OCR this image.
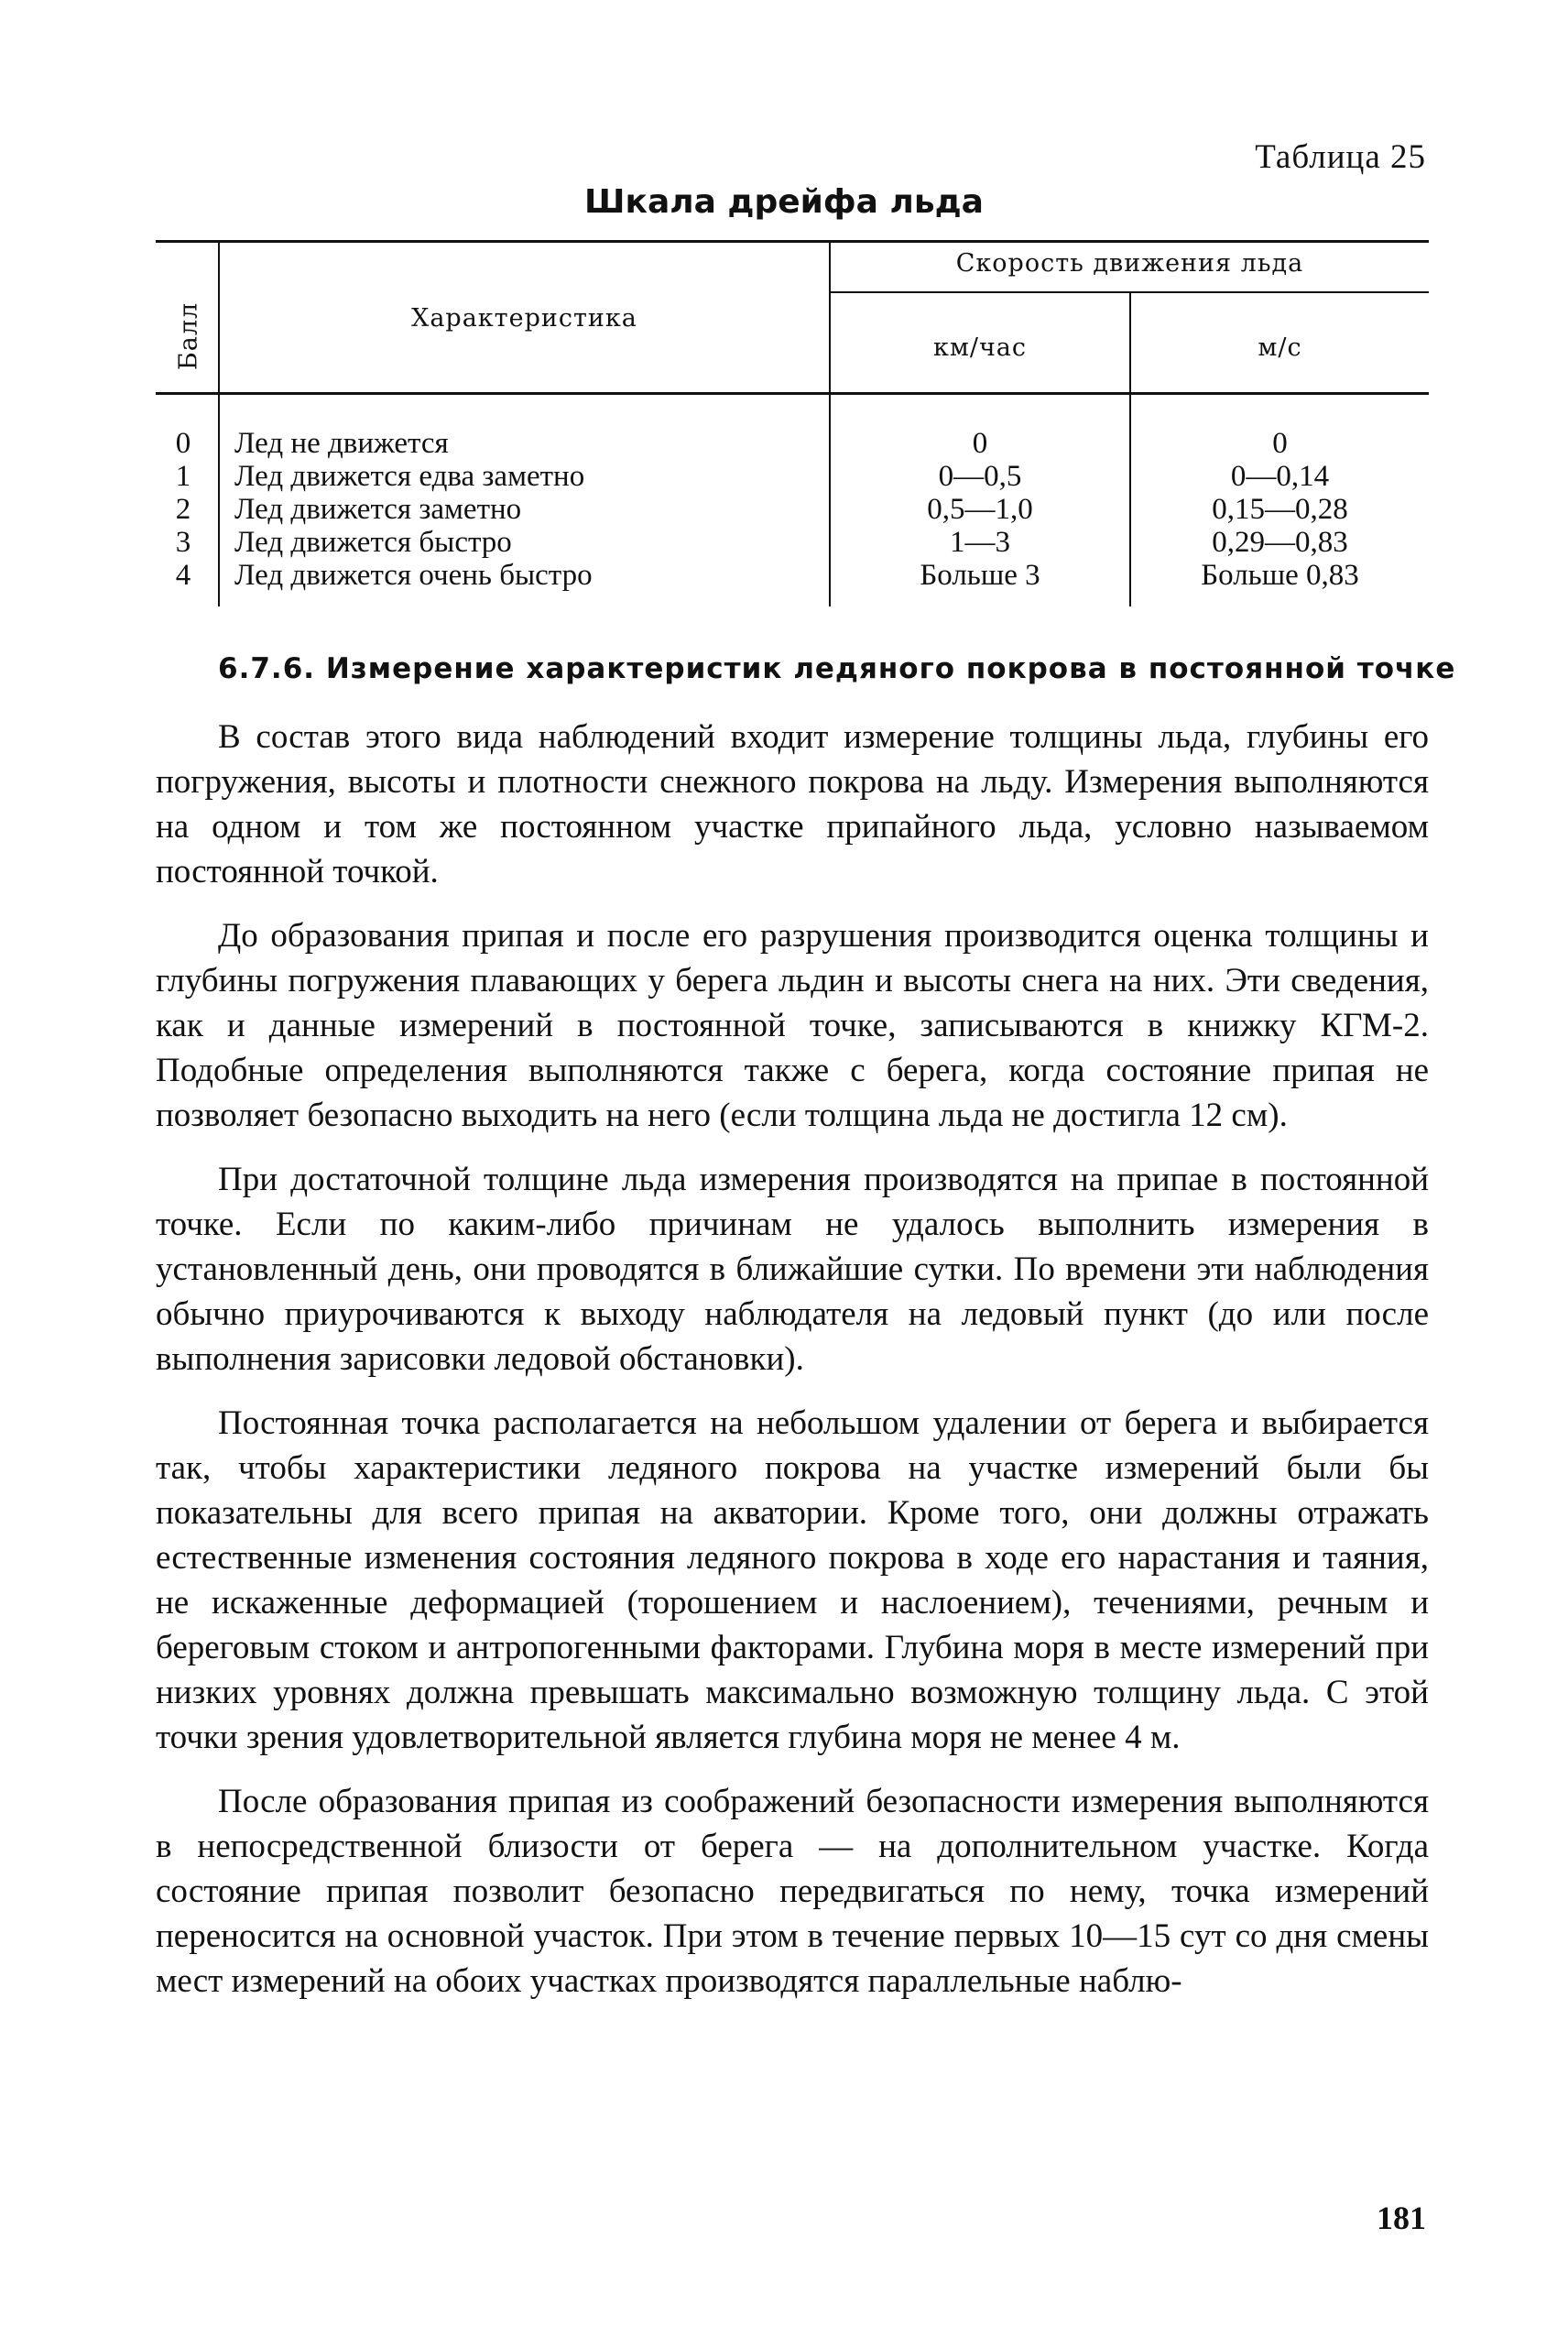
Таблица 25
Шкала дрейфа льда
Балл	Характеристика
Скорость движения льда
км/час	м/с
0	Лед не движется	0	0
1	Лед движется едва заметно	0—0,5	0—0,14
2	Лед движется заметно	0,5—1,0	0,15—0,28
3	Лед движется быстро	1—3	0,29—0,83
4	Лед движется очень быстро	Больше 3	Больше 0,83
6.7.6. Измерение характеристик ледяного покрова в постоянной точке

В состав этого вида наблюдений входит измерение толщины льда, глубины его погружения, высоты и плотности снежного покрова на льду. Измерения выполняются на одном и том же постоянном участке припайного льда, условно называемом постоянной точкой.

До образования припая и после его разрушения производится оценка толщины и глубины погружения плавающих у берега льдин и высоты снега на них. Эти сведения, как и данные измерений в постоянной точке, записываются в книжку КГМ-2. Подобные определения выполняются также с берега, когда состояние припая не позволяет безопасно выходить на него (если толщина льда не достигла 12 см).

При достаточной толщине льда измерения производятся на припае в постоянной точке. Если по каким-либо причинам не удалось выполнить измерения в установленный день, они проводятся в ближайшие сутки. По времени эти наблюдения обычно приурочиваются к выходу наблюдателя на ледовый пункт (до или после выполнения зарисовки ледовой обстановки).

Постоянная точка располагается на небольшом удалении от берега и выбирается так, чтобы характеристики ледяного покрова на участке измерений были бы показательны для всего припая на акватории. Кроме того, они должны отражать естественные изменения состояния ледяного покрова в ходе его нарастания и таяния, не искаженные деформацией (торошением и наслоением), течениями, речным и береговым стоком и антропогенными факторами. Глубина моря в месте измерений при низких уровнях должна превышать максимально возможную толщину льда. С этой точки зрения удовлетворительной является глубина моря не менее 4 м.

После образования припая из соображений безопасности измерения выполняются в непосредственной близости от берега — на дополнительном участке. Когда состояние припая позволит безопасно передвигаться по нему, точка измерений переносится на основной участок. При этом в течение первых 10—15 сут со дня смены мест измерений на обоих участках производятся параллельные наблю-

181
